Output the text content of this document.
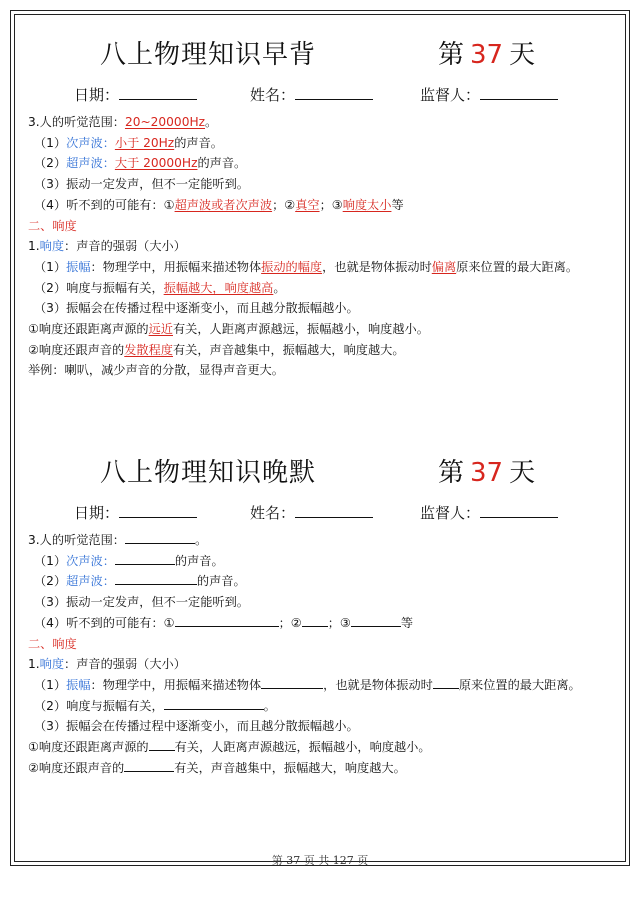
八上物理知识早背	第 37 天
日期：	姓名：	监督人：
3.人的听觉范围：20~20000Hz。
（1）次声波：小于 20Hz的声音。
（2）超声波：大于 20000Hz的声音。
（3）振动一定发声，但不一定能听到。
（4）听不到的可能有：①超声波或者次声波；②真空；③响度太小等
二、响度
1.响度：声音的强弱（大小）
（1）振幅：物理学中，用振幅来描述物体振动的幅度，也就是物体振动时偏离原来位置的最大距离。
（2）响度与振幅有关，振幅越大，响度越高。
（3）振幅会在传播过程中逐渐变小，而且越分散振幅越小。
①响度还跟距离声源的远近有关，人距离声源越远，振幅越小，响度越小。
②响度还跟声音的发散程度有关，声音越集中，振幅越大，响度越大。
举例：喇叭，减少声音的分散，显得声音更大。
八上物理知识晚默	第 37 天
日期：	姓名：	监督人：
3.人的听觉范围：	。
（1）次声波：	的声音。
（2）超声波：	的声音。
（3）振动一定发声，但不一定能听到。
（4）听不到的可能有：①	；② ；③	等
二、响度
1.响度：声音的强弱（大小）
（1）振幅：物理学中，用振幅来描述物体	，也就是物体振动时 原来位置的最大距离。
（2）响度与振幅有关，	。
（3）振幅会在传播过程中逐渐变小，而且越分散振幅越小。
①响度还跟距离声源的 有关，人距离声源越远，振幅越小，响度越小。
②响度还跟声音的	有关，声音越集中，振幅越大，响度越大。
第 37 页 共 127 页
